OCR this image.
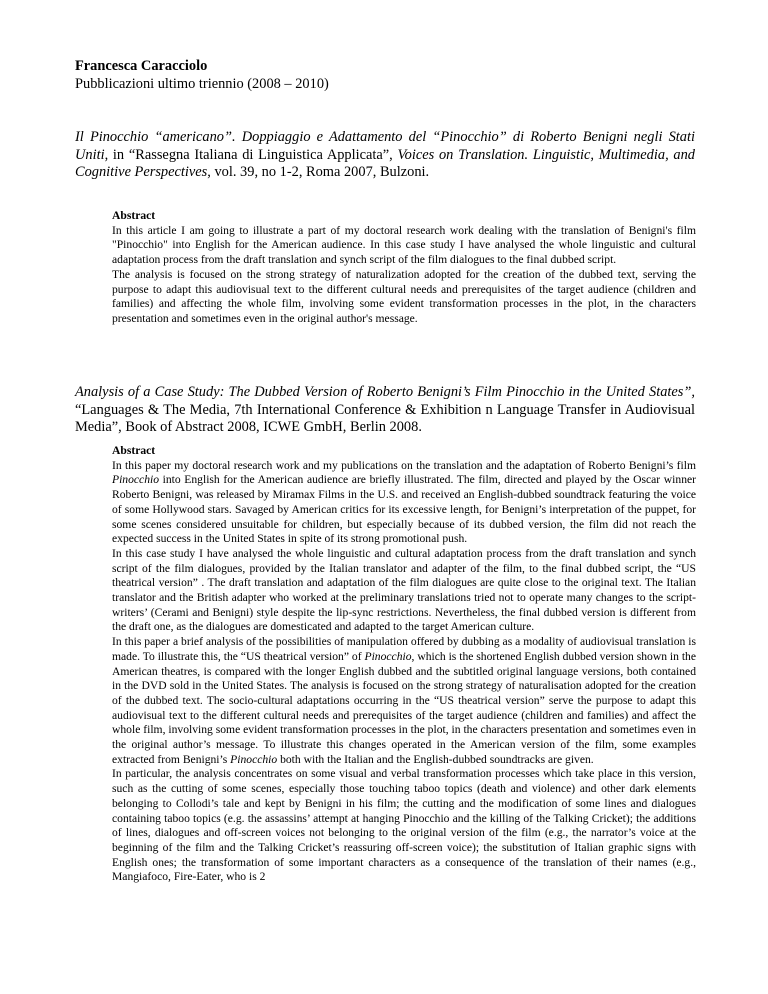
Francesca Caracciolo
Pubblicazioni ultimo triennio (2008 – 2010)
Il Pinocchio “americano”. Doppiaggio e Adattamento del “Pinocchio” di Roberto Benigni negli Stati Uniti, in “Rassegna Italiana di Linguistica Applicata”, Voices on Translation. Linguistic, Multimedia, and Cognitive Perspectives, vol. 39, no 1-2, Roma 2007, Bulzoni.

Abstract

In this article I am going to illustrate a part of my doctoral research work dealing with the translation of Benigni's film "Pinocchio" into English for the American audience. In this case study I have analysed the whole linguistic and cultural adaptation process from the draft translation and synch script of the film dialogues to the final dubbed script.

The analysis is focused on the strong strategy of naturalization adopted for the creation of the dubbed text, serving the purpose to adapt this audiovisual text to the different cultural needs and prerequisites of the target audience (children and families) and affecting the whole film, involving some evident transformation processes in the plot, in the characters presentation and sometimes even in the original author's message.

Analysis of a Case Study: The Dubbed Version of Roberto Benigni’s Film Pinocchio in the United States”, “Languages & The Media, 7th International Conference & Exhibition n Language Transfer in Audiovisual Media”, Book of Abstract 2008, ICWE GmbH, Berlin 2008.

Abstract

In this paper my doctoral research work and my publications on the translation and the adaptation of Roberto Benigni’s film Pinocchio into English for the American audience are briefly illustrated. The film, directed and played by the Oscar winner Roberto Benigni, was released by Miramax Films in the U.S. and received an English-dubbed soundtrack featuring the voice of some Hollywood stars. Savaged by American critics for its excessive length, for Benigni’s interpretation of the puppet, for some scenes considered unsuitable for children, but especially because of its dubbed version, the film did not reach the expected success in the United States in spite of its strong promotional push.

In this case study I have analysed the whole linguistic and cultural adaptation process from the draft translation and synch script of the film dialogues, provided by the Italian translator and adapter of the film, to the final dubbed script, the “US theatrical version” . The draft translation and adaptation of the film dialogues are quite close to the original text. The Italian translator and the British adapter who worked at the preliminary translations tried not to operate many changes to the script-writers’ (Cerami and Benigni) style despite the lip-sync restrictions. Nevertheless, the final dubbed version is different from the draft one, as the dialogues are domesticated and adapted to the target American culture.

In this paper a brief analysis of the possibilities of manipulation offered by dubbing as a modality of audiovisual translation is made. To illustrate this, the “US theatrical version” of Pinocchio, which is the shortened English dubbed version shown in the American theatres, is compared with the longer English dubbed and the subtitled original language versions, both contained in the DVD sold in the United States. The analysis is focused on the strong strategy of naturalisation adopted for the creation of the dubbed text. The socio-cultural adaptations occurring in the “US theatrical version” serve the purpose to adapt this audiovisual text to the different cultural needs and prerequisites of the target audience (children and families) and affect the whole film, involving some evident transformation processes in the plot, in the characters presentation and sometimes even in the original author’s message. To illustrate this changes operated in the American version of the film, some examples extracted from Benigni’s Pinocchio both with the Italian and the English-dubbed soundtracks are given.

In particular, the analysis concentrates on some visual and verbal transformation processes which take place in this version, such as the cutting of some scenes, especially those touching taboo topics (death and violence) and other dark elements belonging to Collodi’s tale and kept by Benigni in his film; the cutting and the modification of some lines and dialogues containing taboo topics (e.g. the assassins’ attempt at hanging Pinocchio and the killing of the Talking Cricket); the additions of lines, dialogues and off-screen voices not belonging to the original version of the film (e.g., the narrator’s voice at the beginning of the film and the Talking Cricket’s reassuring off-screen voice); the substitution of Italian graphic signs with English ones; the transformation of some important characters as a consequence of the translation of their names (e.g., Mangiafoco, Fire-Eater, who is 2
